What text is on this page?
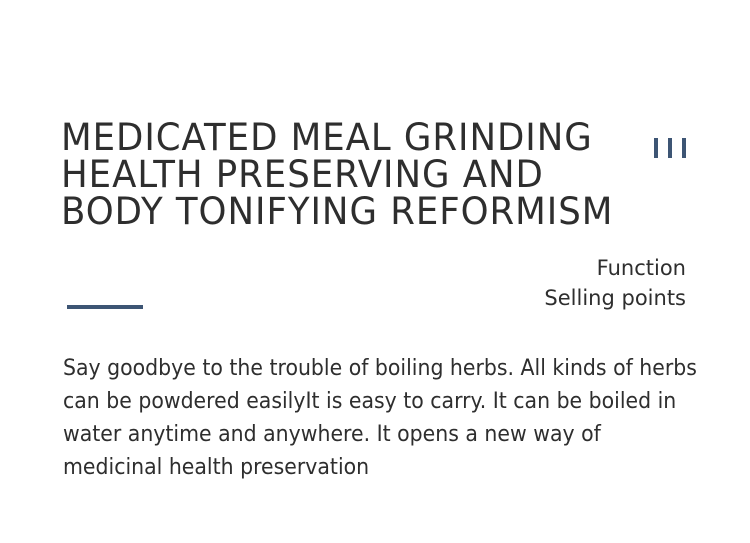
MEDICATED MEAL GRINDING
HEALTH PRESERVING AND
BODY TONIFYING REFORMISM
Function
Selling points

Say goodbye to the trouble of boiling herbs. All kinds of herbs
can be powdered easilyIt is easy to carry. It can be boiled in
water anytime and anywhere. It opens a new way of
medicinal health preservation
